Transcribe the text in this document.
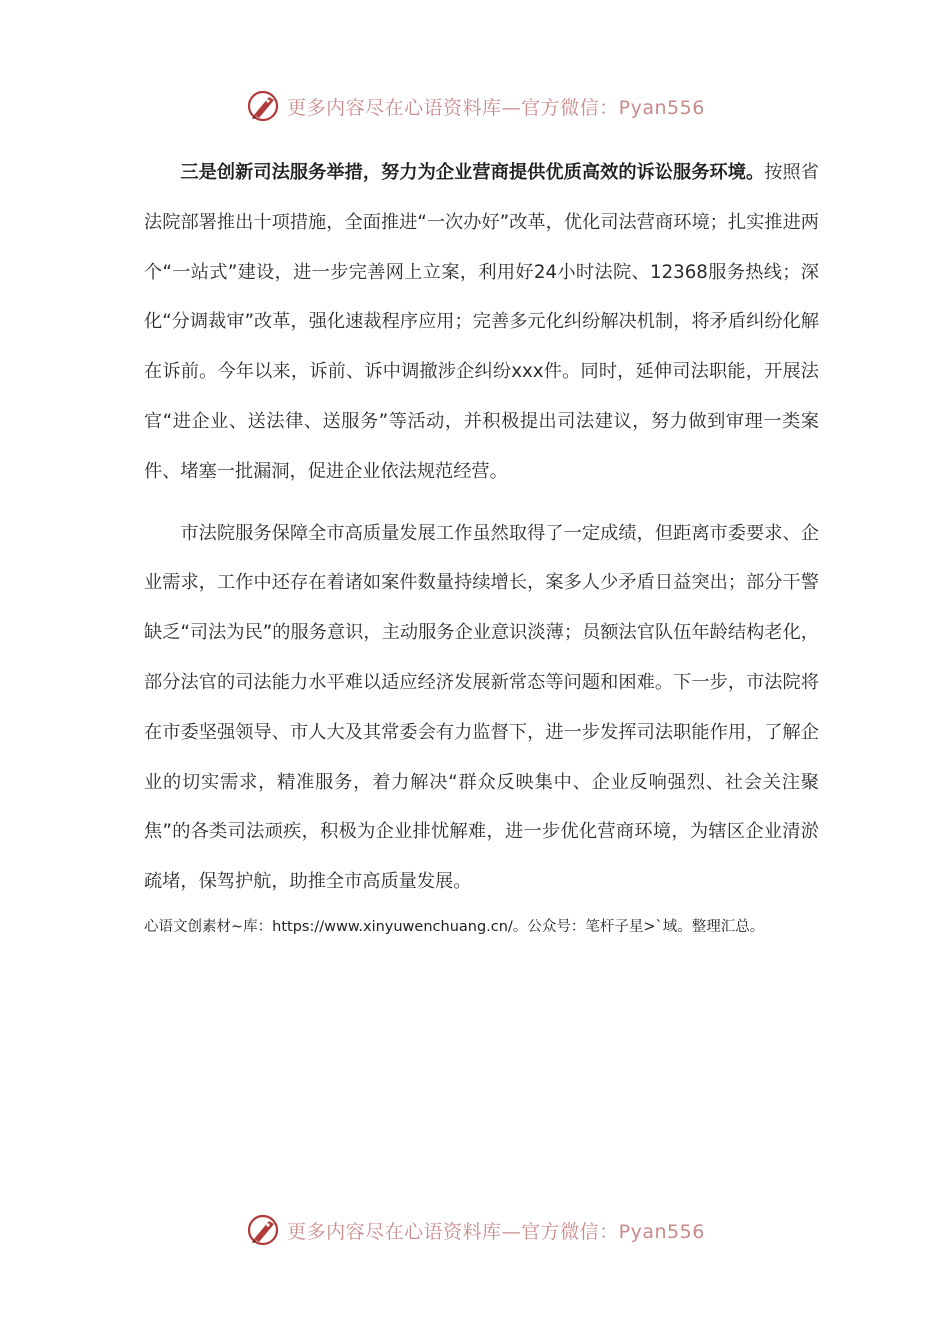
更多内容尽在心语资料库—官方微信：Pyan556

三是创新司法服务举措，努力为企业营商提供优质高效的诉讼服务环境。按照省法院部署推出十项措施，全面推进“一次办好”改革，优化司法营商环境；扎实推进两个“一站式”建设，进一步完善网上立案，利用好24小时法院、12368服务热线；深化“分调裁审”改革，强化速裁程序应用；完善多元化纠纷解决机制，将矛盾纠纷化解在诉前。今年以来，诉前、诉中调撤涉企纠纷xxx件。同时，延伸司法职能，开展法官“进企业、送法律、送服务”等活动，并积极提出司法建议，努力做到审理一类案件、堵塞一批漏洞，促进企业依法规范经营。

市法院服务保障全市高质量发展工作虽然取得了一定成绩，但距离市委要求、企业需求，工作中还存在着诸如案件数量持续增长，案多人少矛盾日益突出；部分干警缺乏“司法为民”的服务意识，主动服务企业意识淡薄；员额法官队伍年龄结构老化，部分法官的司法能力水平难以适应经济发展新常态等问题和困难。下一步，市法院将在市委坚强领导、市人大及其常委会有力监督下，进一步发挥司法职能作用，了解企业的切实需求，精准服务，着力解决“群众反映集中、企业反响强烈、社会关注聚焦”的各类司法顽疾，积极为企业排忧解难，进一步优化营商环境，为辖区企业清淤疏堵，保驾护航，助推全市高质量发展。

心语文创素材~库：https://www.xinyuwenchuang.cn/。公众号：笔杆子星>`域。整理汇总。
更多内容尽在心语资料库—官方微信：Pyan556
